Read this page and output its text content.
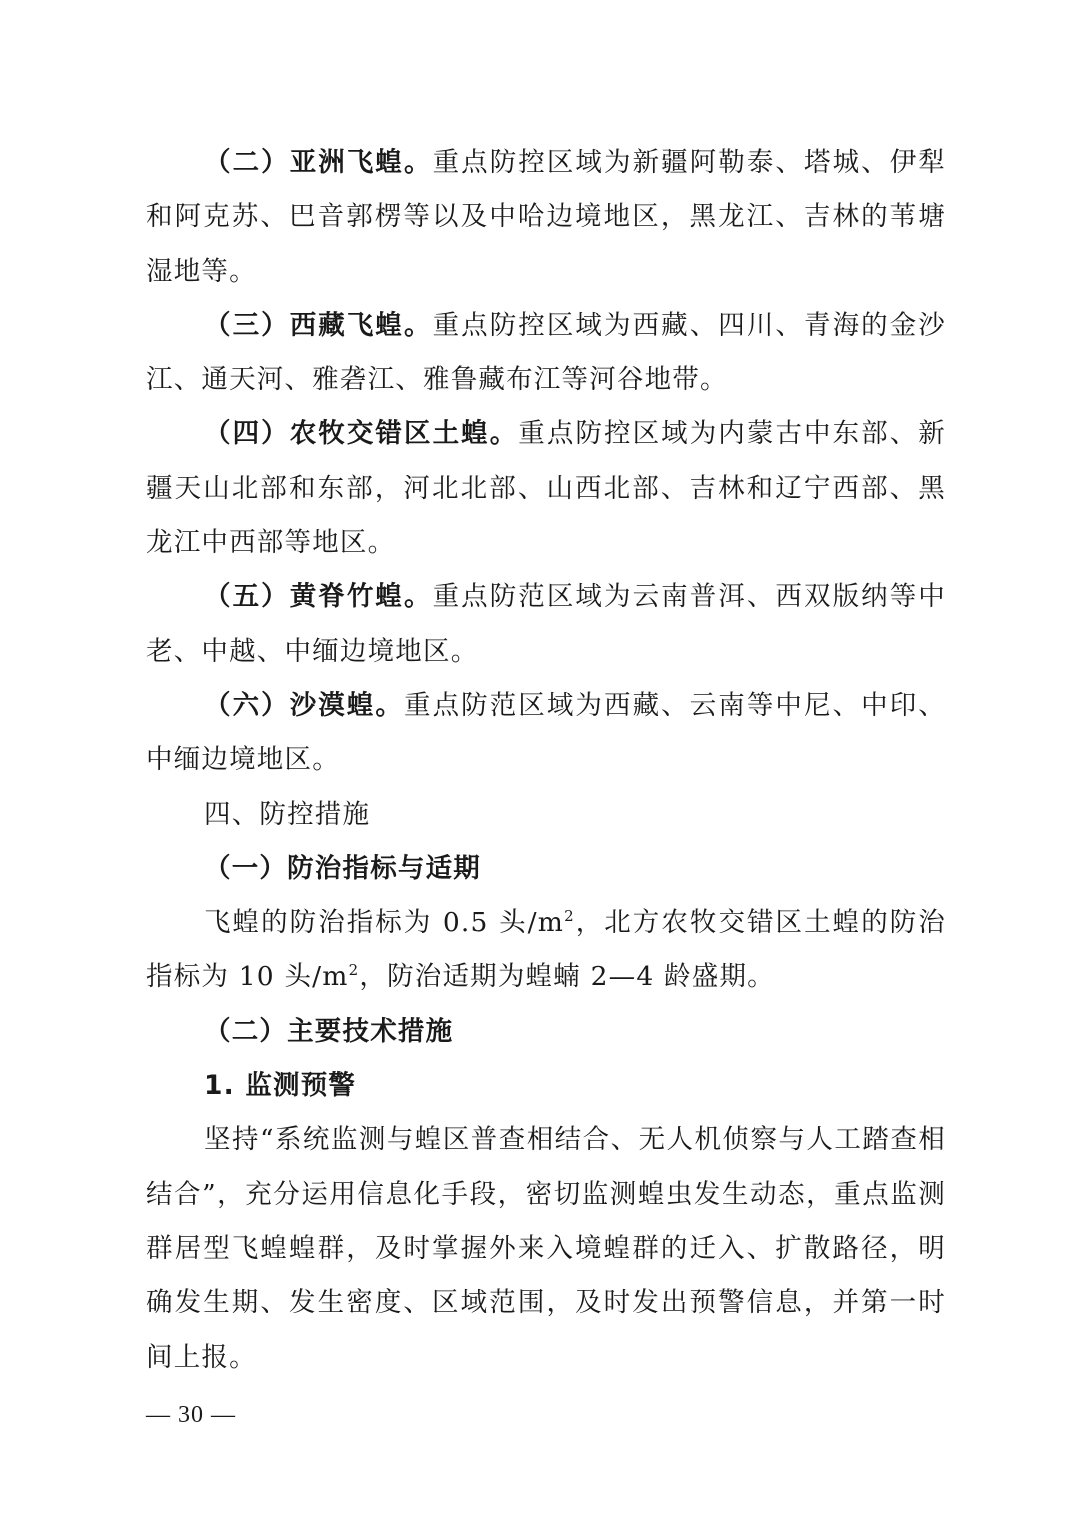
（二）亚洲飞蝗。重点防控区域为新疆阿勒泰、塔城、伊犁和阿克苏、巴音郭楞等以及中哈边境地区，黑龙江、吉林的苇塘湿地等。

（三）西藏飞蝗。重点防控区域为西藏、四川、青海的金沙江、通天河、雅砻江、雅鲁藏布江等河谷地带。

（四）农牧交错区土蝗。重点防控区域为内蒙古中东部、新疆天山北部和东部，河北北部、山西北部、吉林和辽宁西部、黑龙江中西部等地区。

（五）黄脊竹蝗。重点防范区域为云南普洱、西双版纳等中老、中越、中缅边境地区。

（六）沙漠蝗。重点防范区域为西藏、云南等中尼、中印、中缅边境地区。

四、防控措施

（一）防治指标与适期

飞蝗的防治指标为 0.5 头$/m^2$，北方农牧交错区土蝗的防治指标为 10 头$/m^2$，防治适期为蝗蝻 2—4 龄盛期。

（二）主要技术措施

1. 监测预警

坚持“系统监测与蝗区普查相结合、无人机侦察与人工踏查相结合”，充分运用信息化手段，密切监测蝗虫发生动态，重点监测群居型飞蝗蝗群，及时掌握外来入境蝗群的迁入、扩散路径，明确发生期、发生密度、区域范围，及时发出预警信息，并第一时间上报。

— 30 —
